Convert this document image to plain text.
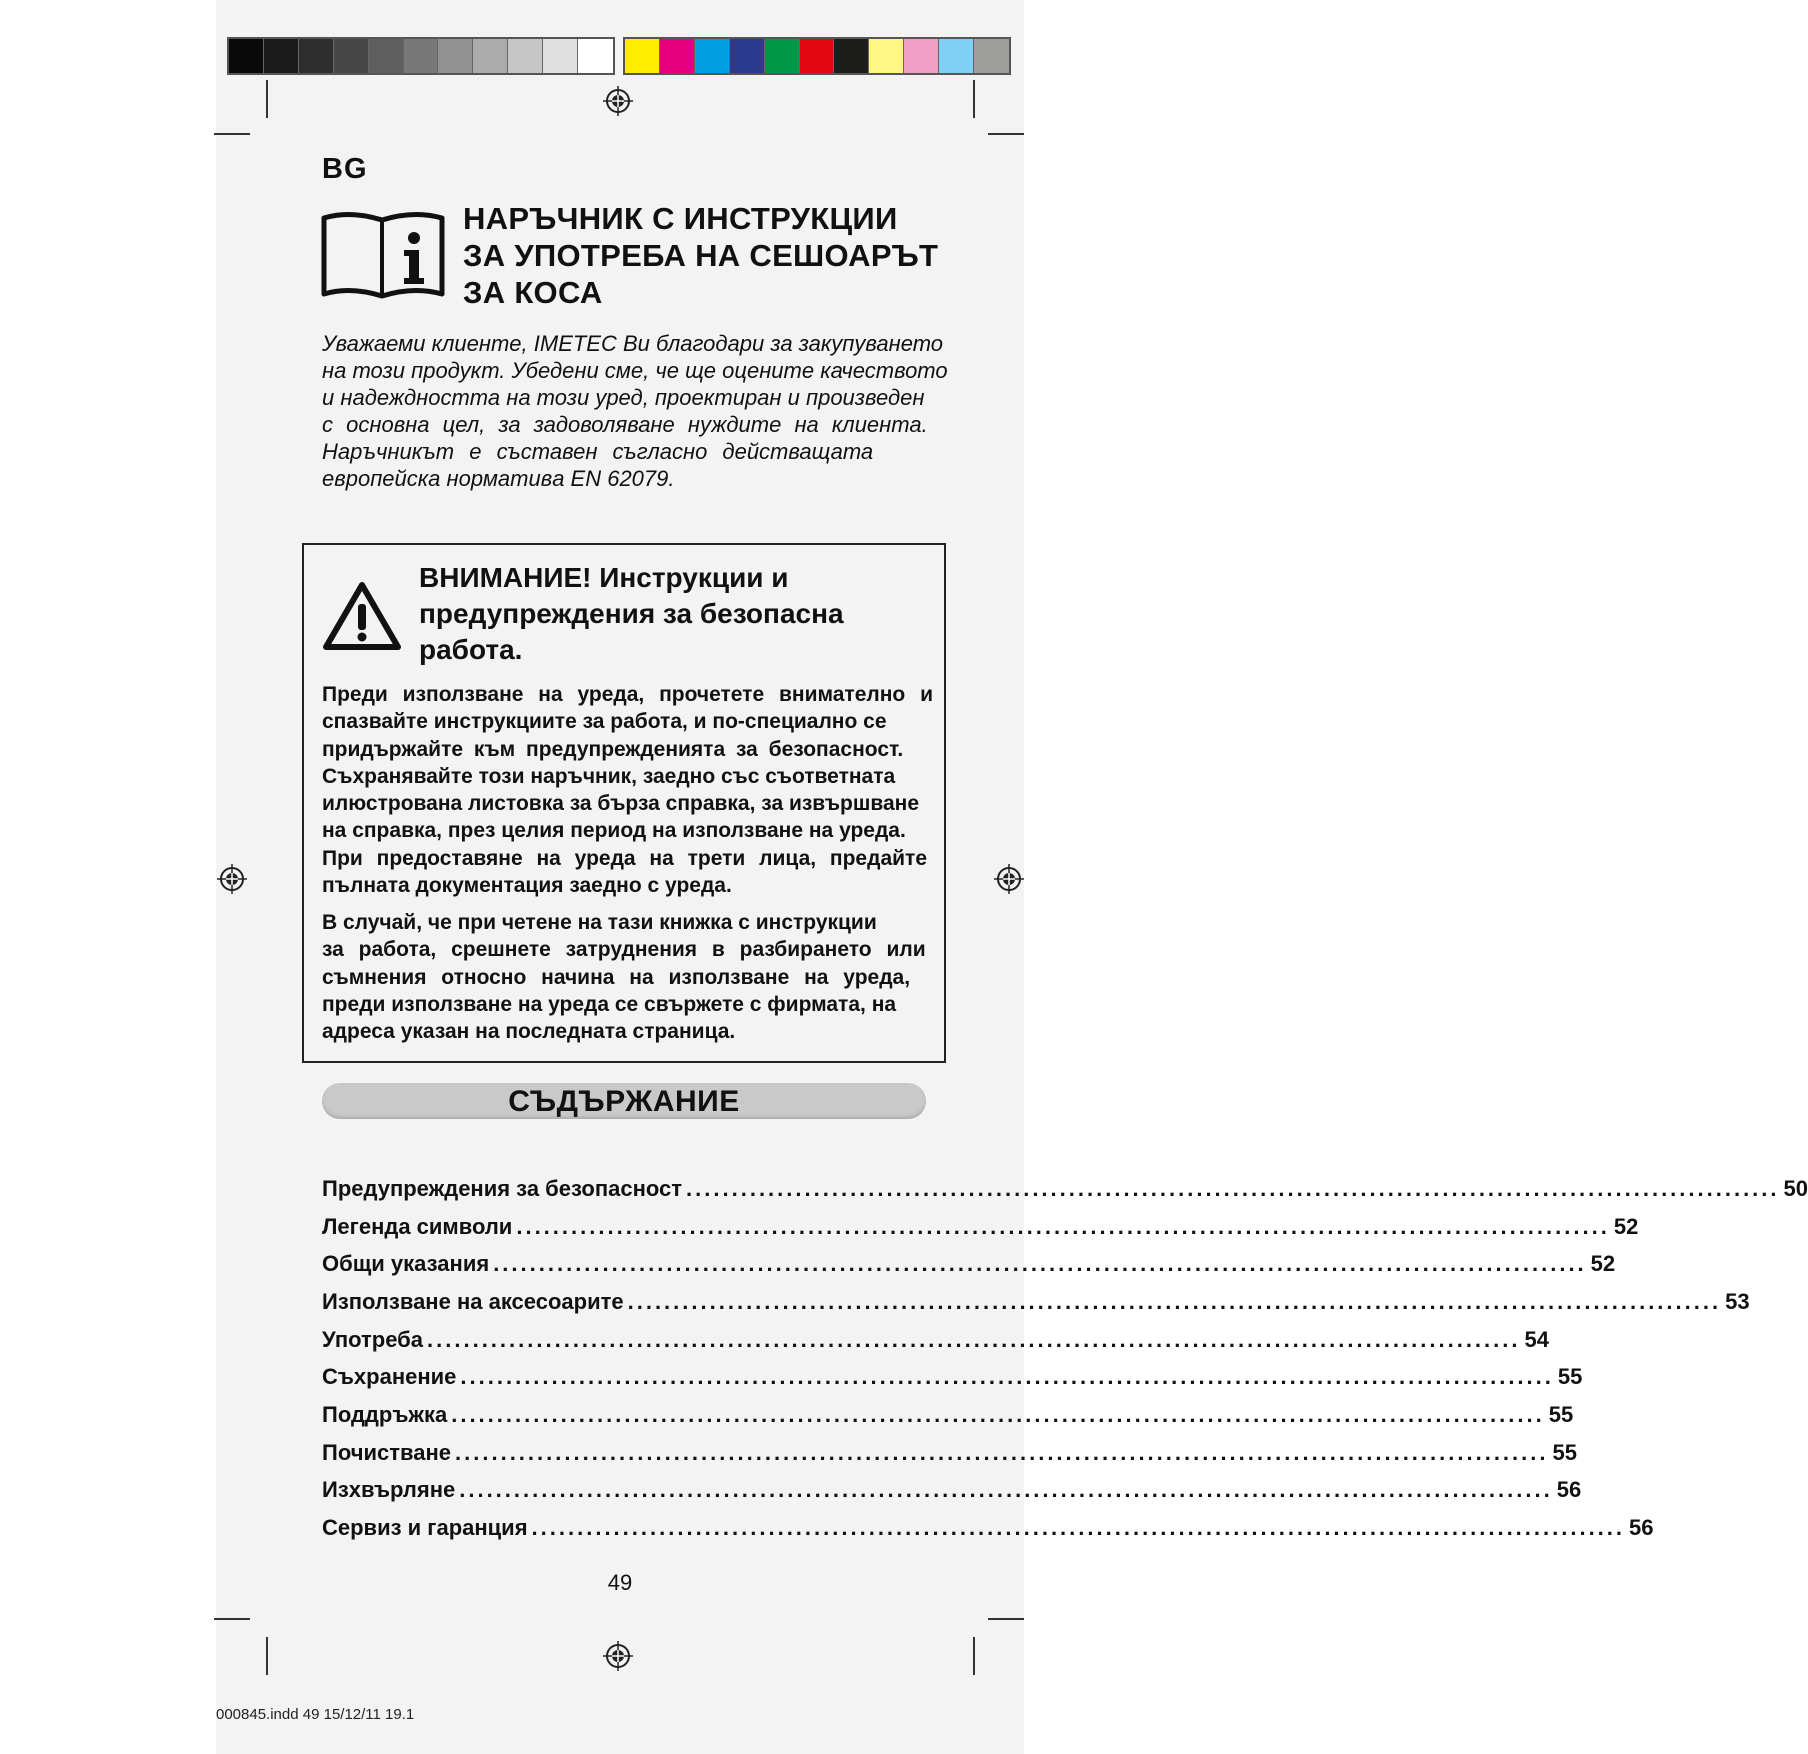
BG
НАРЪЧНИК С ИНСТРУКЦИИ
ЗА УПОТРЕБА НА СЕШОАРЪТ
ЗА КОСА
Уважаеми клиенте, IMETEC Ви благодари за закупуването
на този продукт. Убедени сме, че ще оцените качеството
и надеждността на този уред, проектиран и произведен
с основна цел, за задоволяване нуждите на клиента.
Наръчникът е съставен съгласно действащата
европейска нормативa EN 62079.
ВНИМАНИЕ! Инструкции и
предупреждения за безопасна
работа.
Преди използване на уреда, прочетете внимателно и
спазвайте инструкциите за работа, и по-специално се
придържайте към предупрежденията за безопасност.
Съхранявайте този наръчник, заедно със съответната
илюстрована листовка за бърза справка, за извършване
на справка, през целия период на използване на уреда.
При предоставяне на уреда на трети лица, предайте
пълната документация заедно с уреда.
В случай, че при четене на тази книжка с инструкции
за работа, срешнете затруднения в разбирането или
съмнения относно начина на използване на уреда,
преди използване на уреда се свържете с фирмата, на
адреса указан на последната страница.
СЪДЪРЖАНИЕ
Предупреждения за безопасност ........................................................................................................................ 50
Легенда символи ........................................................................................................................ 52
Общи указания ........................................................................................................................ 52
Използване на аксесоарите ........................................................................................................................ 53
Употреба ........................................................................................................................ 54
Съхранение ........................................................................................................................ 55
Поддръжка ........................................................................................................................ 55
Почистване ........................................................................................................................ 55
Изхвърляне ........................................................................................................................ 56
Сервиз и гаранция ........................................................................................................................ 56
49
000845.indd 49 15/12/11 19.1
